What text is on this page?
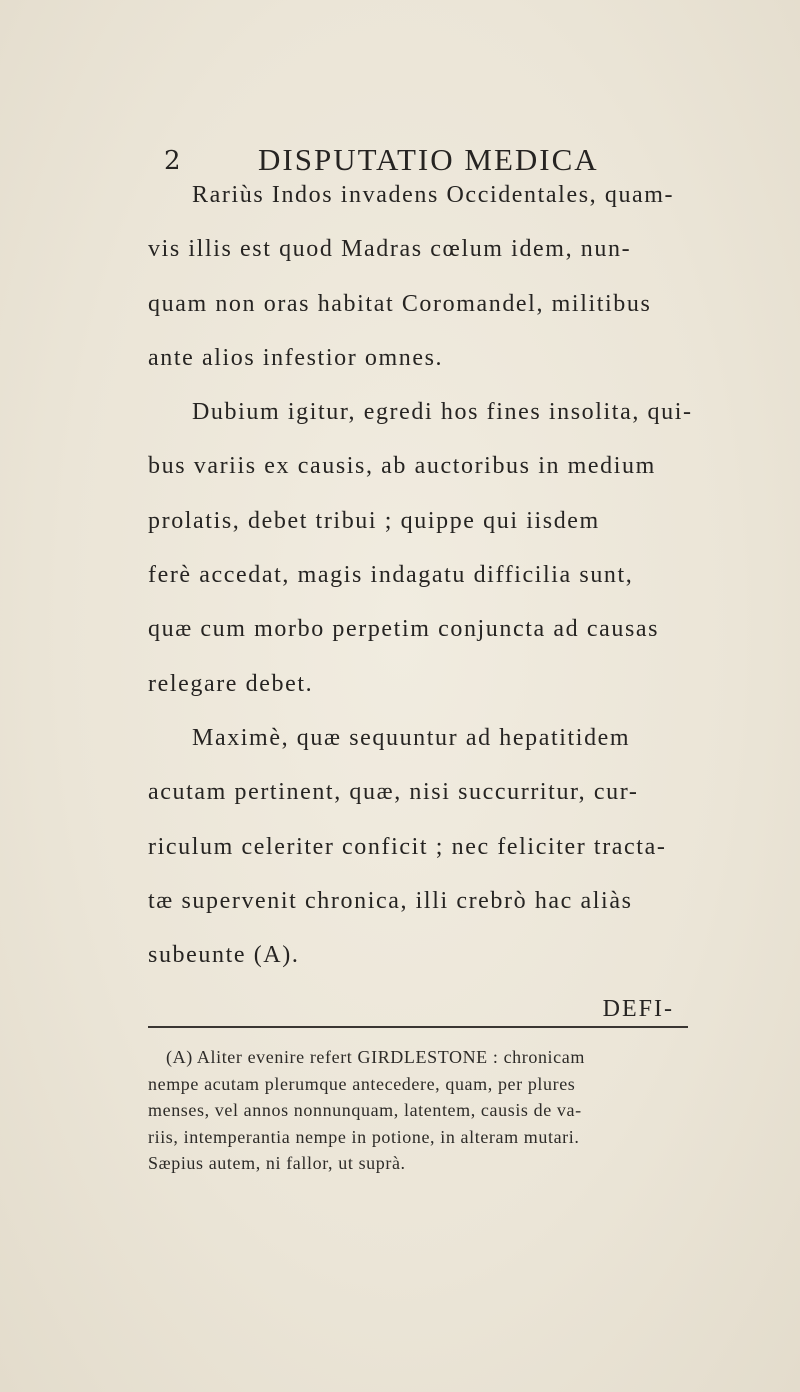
2 DISPUTATIO MEDICA
Rariùs Indos invadens Occidentales, quam-
vis illis est quod Madras cœlum idem, nun-
quam non oras habitat Coromandel, militibus
ante alios infestior omnes.
Dubium igitur, egredi hos fines insolita, qui-
bus variis ex causis, ab auctoribus in medium
prolatis, debet tribui ; quippe qui iisdem
ferè accedat, magis indagatu difficilia sunt,
quæ cum morbo perpetim conjuncta ad causas
relegare debet.
Maximè, quæ sequuntur ad hepatitidem
acutam pertinent, quæ, nisi succurritur, cur-
riculum celeriter conficit ; nec feliciter tracta-
tæ supervenit chronica, illi crebrò hac aliàs
subeunte (A).
DEFI-
(A) Aliter evenire refert GIRDLESTONE : chronicam
nempe acutam plerumque antecedere, quam, per plures
menses, vel annos nonnunquam, latentem, causis de va-
riis, intemperantia nempe in potione, in alteram mutari.
Sæpius autem, ni fallor, ut suprà.
